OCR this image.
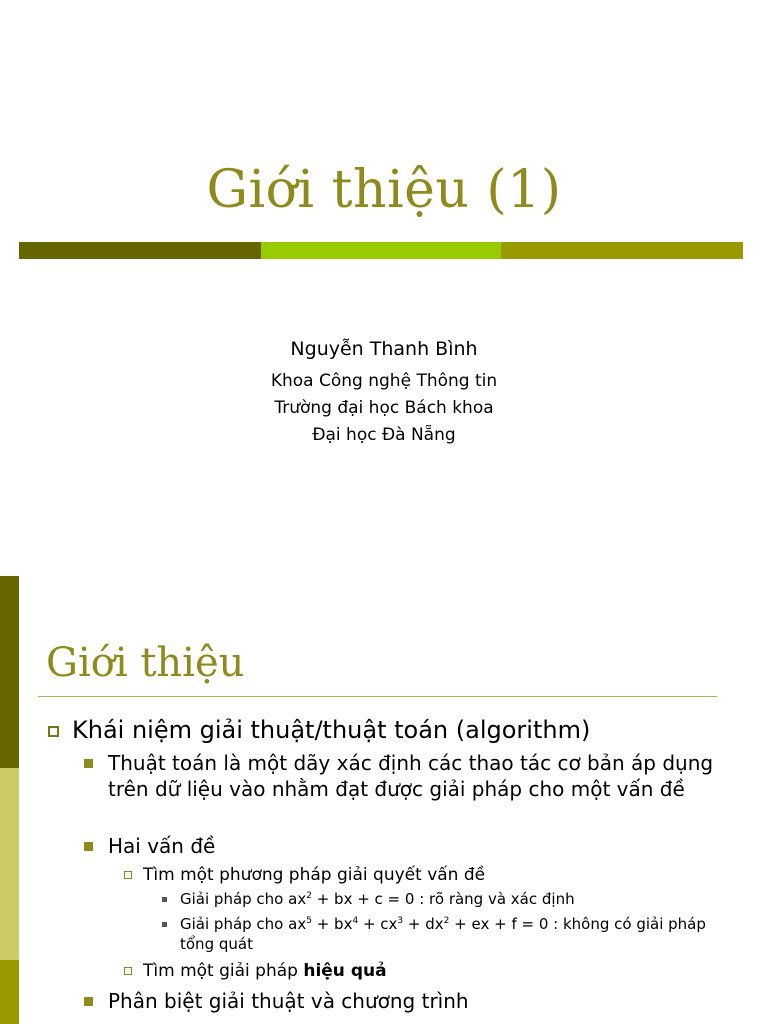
Giới thiệu (1)
Nguyễn Thanh Bình
Khoa Công nghệ Thông tin
Trường đại học Bách khoa
Đại học Đà Nẵng
Giới thiệu
Khái niệm giải thuật/thuật toán (algorithm)
Thuật toán là một dãy xác định các thao tác cơ bản áp dụng trên dữ liệu vào nhằm đạt được giải pháp cho một vấn đề
Hai vấn đề
Tìm một phương pháp giải quyết vấn đề
Giải pháp cho $ax^2$ + bx + c = 0 : rõ ràng và xác định
Giải pháp cho $ax^5 + bx^4 + cx^3 + dx^2$ + ex + f = 0 : không có giải pháp tổng quát
Tìm một giải pháp hiệu quả
Phân biệt giải thuật và chương trình
